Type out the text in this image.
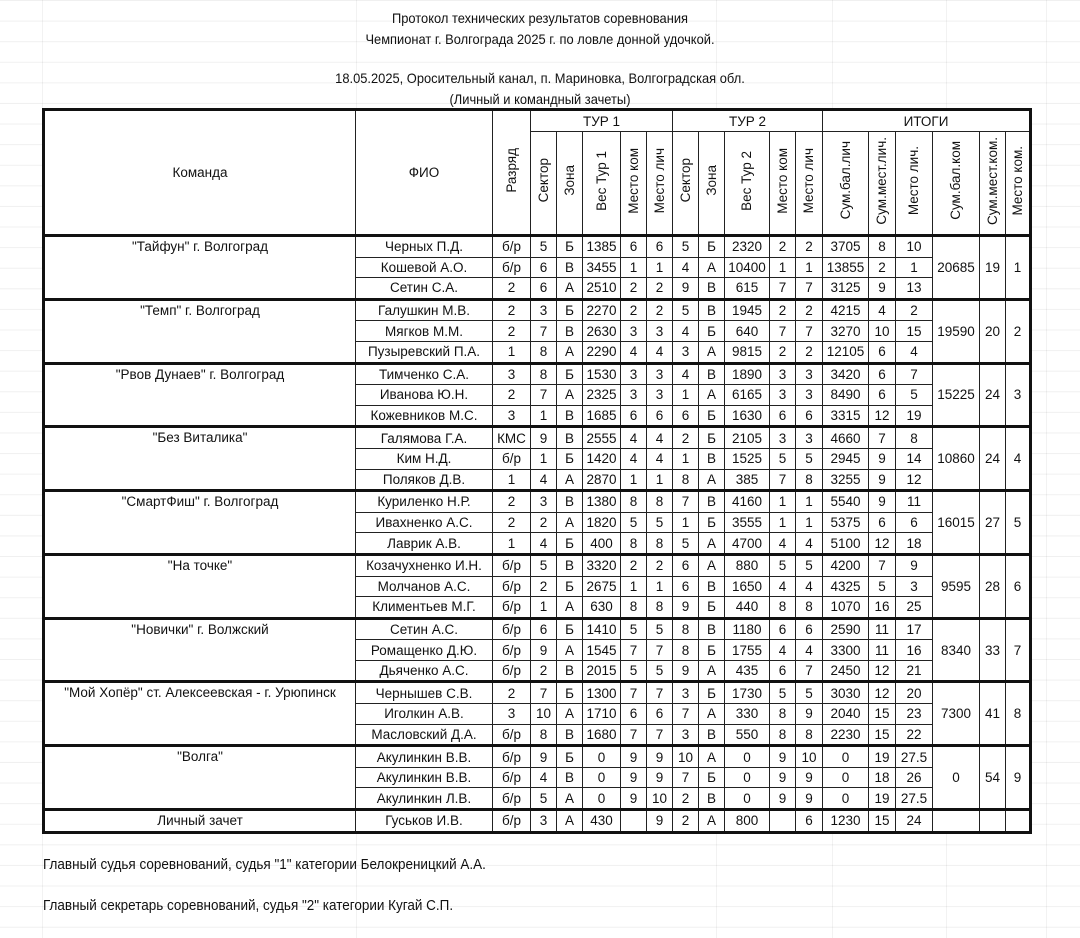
Протокол технических результатов соревнования
Чемпионат г. Волгограда 2025 г. по ловле донной удочкой.
18.05.2025, Оросительный канал, п. Мариновка, Волгоградская обл.
(Личный и командный зачеты)
Команда	ФИО	Разряд	ТУР 1					ТУР 2					ИТОГИ					
			Сектор	Зона	Вес Тур 1	Место ком	Место лич	Сектор	Зона	Вес Тур 2	Место ком	Место лич	Сум.бал.лич	Сум.мест.лич.	Место лич.	Сум.бал.ком	Сум.мест.ком.	Место ком.
"Тайфун" г. Волгоград	Черных П.Д.	б/р	5	Б	1385	6	6	5	Б	2320	2	2	3705	8	10	20685	19	1
	Кошевой А.О.	б/р	6	В	3455	1	1	4	А	10400	1	1	13855	2	1			
	Сетин С.А.	2	6	А	2510	2	2	9	В	615	7	7	3125	9	13			
"Темп" г. Волгоград	Галушкин М.В.	2	3	Б	2270	2	2	5	В	1945	2	2	4215	4	2	19590	20	2
	Мягков М.М.	2	7	В	2630	3	3	4	Б	640	7	7	3270	10	15			
	Пузыревский П.А.	1	8	А	2290	4	4	3	А	9815	2	2	12105	6	4			
"Рвов Дунаев" г. Волгоград	Тимченко С.А.	3	8	Б	1530	3	3	4	В	1890	3	3	3420	6	7	15225	24	3
	Иванова Ю.Н.	2	7	А	2325	3	3	1	А	6165	3	3	8490	6	5			
	Кожевников М.С.	3	1	В	1685	6	6	6	Б	1630	6	6	3315	12	19			
"Без Виталика"	Галямова Г.А.	КМС	9	В	2555	4	4	2	Б	2105	3	3	4660	7	8	10860	24	4
	Ким Н.Д.	б/р	1	Б	1420	4	4	1	В	1525	5	5	2945	9	14			
	Поляков Д.В.	1	4	А	2870	1	1	8	А	385	7	8	3255	9	12			
"СмартФиш" г. Волгоград	Куриленко Н.Р.	2	3	В	1380	8	8	7	В	4160	1	1	5540	9	11	16015	27	5
	Ивахненко А.С.	2	2	А	1820	5	5	1	Б	3555	1	1	5375	6	6			
	Лаврик А.В.	1	4	Б	400	8	8	5	А	4700	4	4	5100	12	18			
"На точке"	Козачухненко И.Н.	б/р	5	В	3320	2	2	6	А	880	5	5	4200	7	9	9595	28	6
	Молчанов А.С.	б/р	2	Б	2675	1	1	6	В	1650	4	4	4325	5	3			
	Климентьев М.Г.	б/р	1	А	630	8	8	9	Б	440	8	8	1070	16	25			
"Новички" г. Волжский	Сетин А.С.	б/р	6	Б	1410	5	5	8	В	1180	6	6	2590	11	17	8340	33	7
	Ромащенко Д.Ю.	б/р	9	А	1545	7	7	8	Б	1755	4	4	3300	11	16			
	Дьяченко А.С.	б/р	2	В	2015	5	5	9	А	435	6	7	2450	12	21			
"Мой Хопёр" ст. Алексеевская - г. Урюпинск	Чернышев С.В.	2	7	Б	1300	7	7	3	Б	1730	5	5	3030	12	20	7300	41	8
	Иголкин А.В.	3	10	А	1710	6	6	7	А	330	8	9	2040	15	23			
	Масловский Д.А.	б/р	8	В	1680	7	7	3	В	550	8	8	2230	15	22			
"Волга"	Акулинкин В.В.	б/р	9	Б	0	9	9	10	А	0	9	10	0	19	27.5	0	54	9
	Акулинкин В.В.	б/р	4	В	0	9	9	7	Б	0	9	9	0	18	26			
	Акулинкин Л.В.	б/р	5	А	0	9	10	2	В	0	9	9	0	19	27.5			
Личный зачет	Гуськов И.В.	б/р	3	А	430		9	2	А	800		6	1230	15	24			
Главный судья соревнований, судья "1" категории Белокреницкий А.А.
Главный секретарь соревнований, судья "2" категории Кугай С.П.
